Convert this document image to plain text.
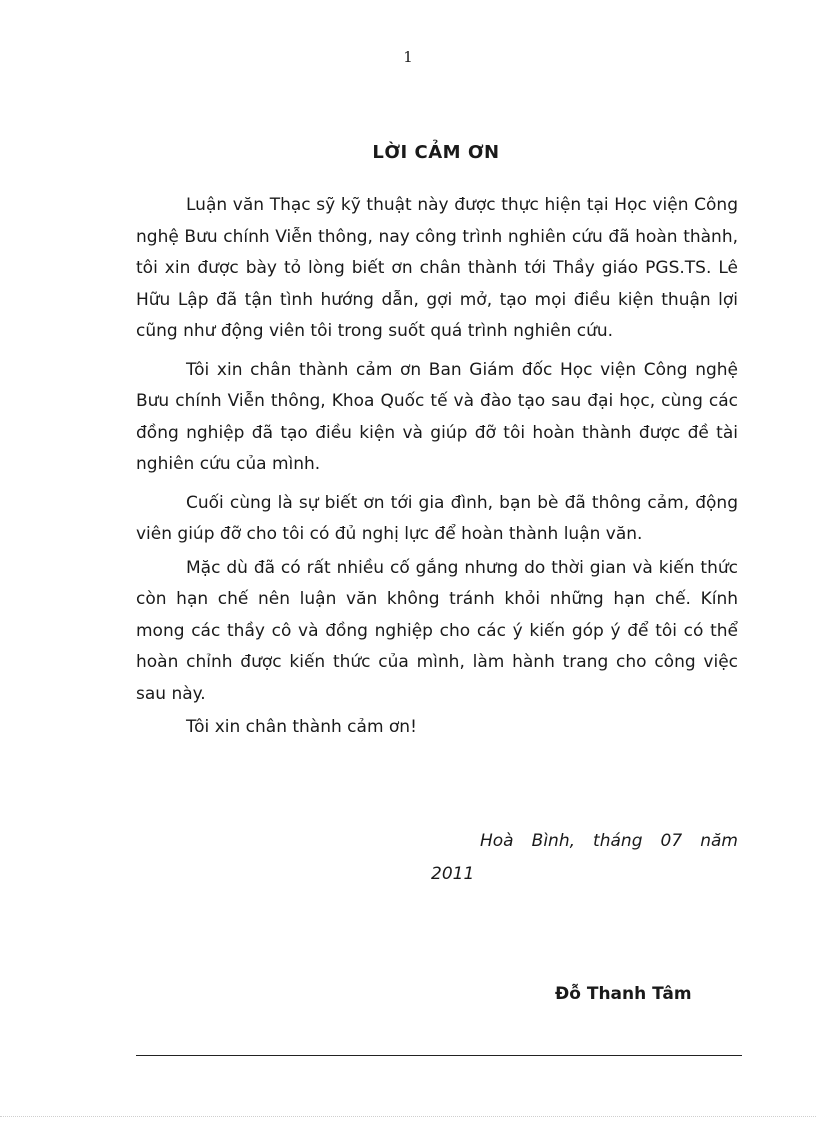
1
LỜI CẢM ƠN

Luận văn Thạc sỹ kỹ thuật này được thực hiện tại Học viện Công nghệ Bưu chính Viễn thông, nay công trình nghiên cứu đã hoàn thành, tôi xin được bày tỏ lòng biết ơn chân thành tới Thầy giáo PGS.TS. Lê Hữu Lập đã tận tình hướng dẫn, gợi mở, tạo mọi điều kiện thuận lợi cũng như động viên tôi trong suốt quá trình nghiên cứu.

Tôi xin chân thành cảm ơn Ban Giám đốc Học viện Công nghệ Bưu chính Viễn thông, Khoa Quốc tế và đào tạo sau đại học, cùng các đồng nghiệp đã tạo điều kiện và giúp đỡ tôi hoàn thành được đề tài nghiên cứu của mình.

Cuối cùng là sự biết ơn tới gia đình, bạn bè đã thông cảm, động viên giúp đỡ cho tôi có đủ nghị lực để hoàn thành luận văn.

Mặc dù đã có rất nhiều cố gắng nhưng do thời gian và kiến thức còn hạn chế nên luận văn không tránh khỏi những hạn chế. Kính mong các thầy cô và đồng nghiệp cho các ý kiến góp ý để tôi có thể hoàn chỉnh được kiến thức của mình, làm hành trang cho công việc sau này.

Tôi xin chân thành cảm ơn!

Hoà Bình, tháng 07 năm
2011
Đỗ Thanh Tâm
